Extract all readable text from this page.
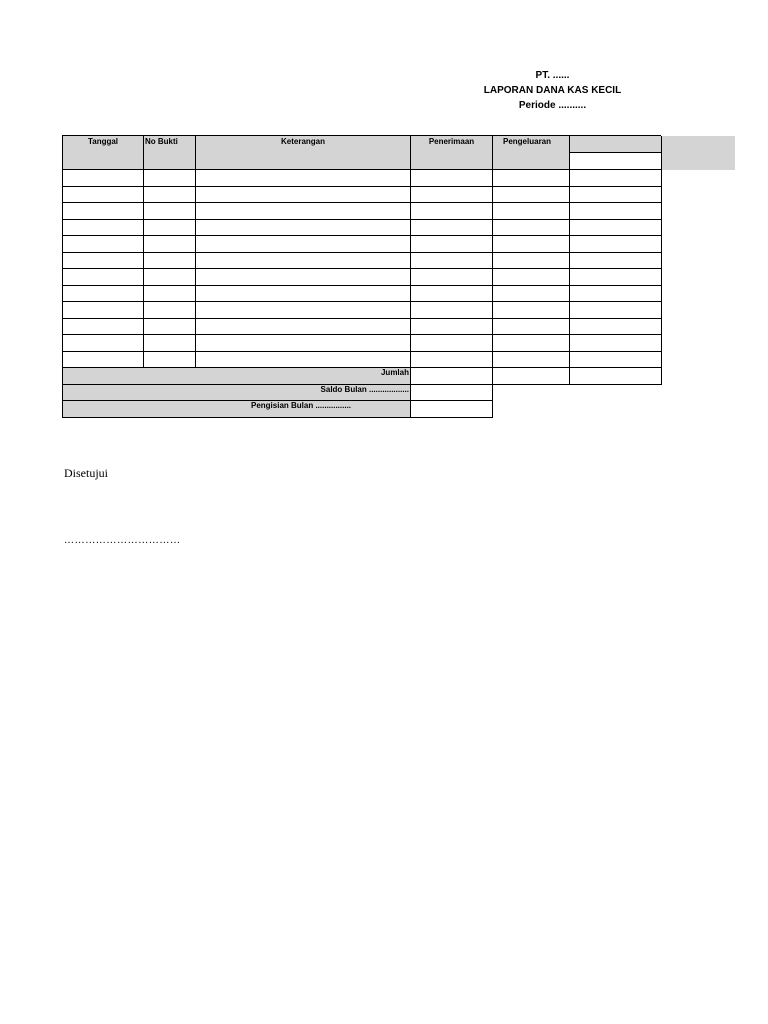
PT. ......
LAPORAN DANA KAS KECIL
Periode ..........
Tanggal	No Bukti	Keterangan	Penerimaan	Pengeluaran	

Jumlah					
Saldo Bulan ..................					
Pengisian Bulan ................					
Disetujui
……………………………
